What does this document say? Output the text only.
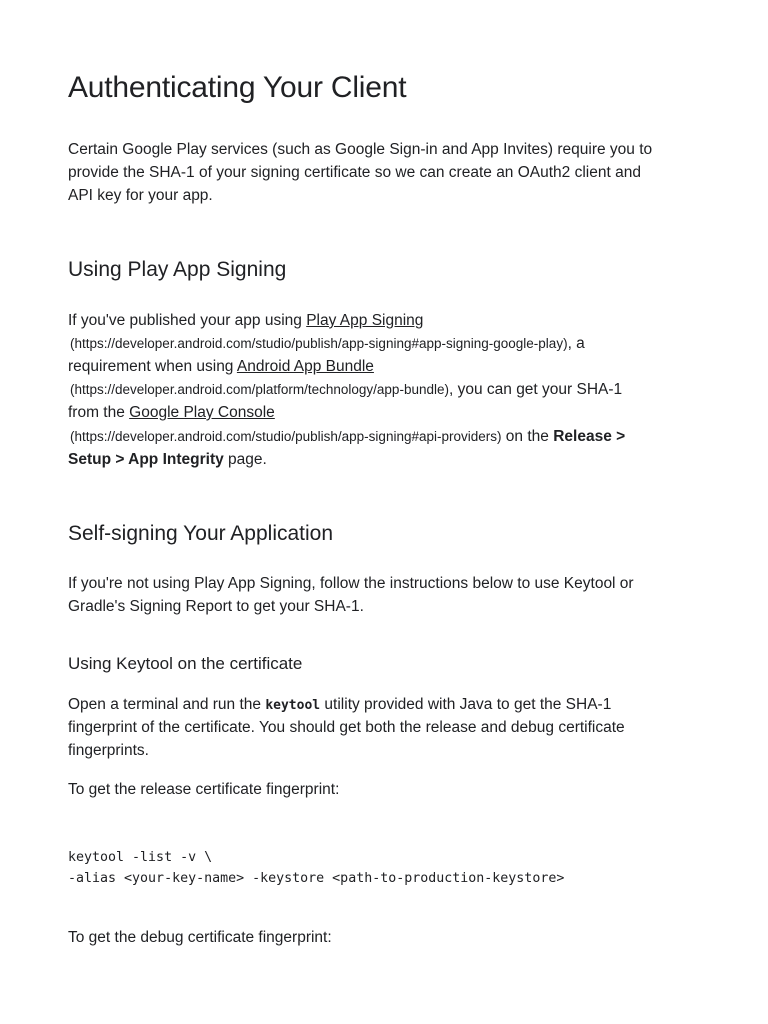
Authenticating Your Client
Certain Google Play services (such as Google Sign-in and App Invites) require you to
provide the SHA-1 of your signing certificate so we can create an OAuth2 client and
API key for your app.
Using Play App Signing
If you've published your app using Play App Signing
(https://developer.android.com/studio/publish/app-signing#app-signing-google-play), a
requirement when using Android App Bundle
(https://developer.android.com/platform/technology/app-bundle), you can get your SHA-1
from the Google Play Console
(https://developer.android.com/studio/publish/app-signing#api-providers) on the Release >
Setup > App Integrity page.
Self-signing Your Application
If you're not using Play App Signing, follow the instructions below to use Keytool or
Gradle's Signing Report to get your SHA-1.
Using Keytool on the certificate
Open a terminal and run the keytool utility provided with Java to get the SHA-1
fingerprint of the certificate. You should get both the release and debug certificate
fingerprints.
To get the release certificate fingerprint:
keytool -list -v \
-alias <your-key-name> -keystore <path-to-production-keystore>
To get the debug certificate fingerprint:
